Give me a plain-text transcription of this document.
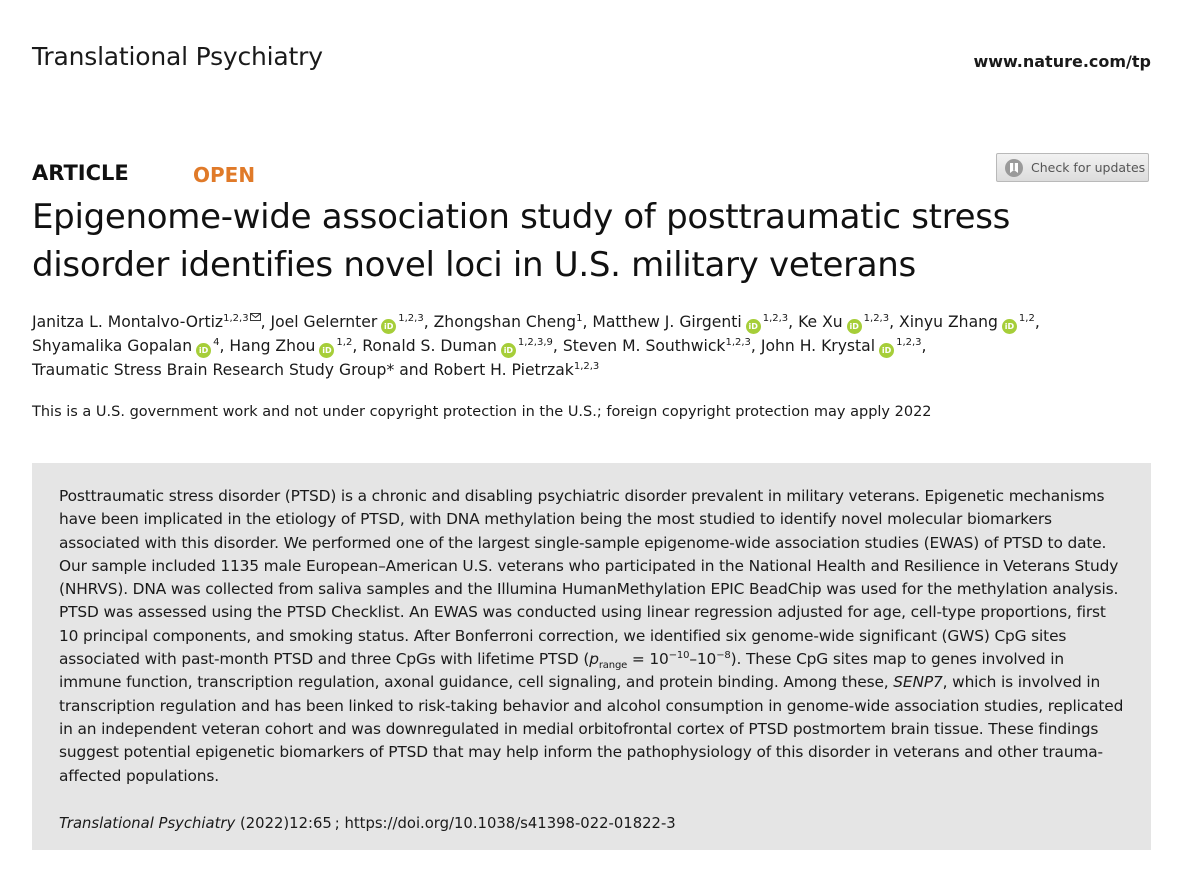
Translational Psychiatry	www.nature.com/tp
ARTICLE	OPEN	Check for updates
Epigenome-wide association study of posttraumatic stress
disorder identifies novel loci in U.S. military veterans
Janitza L. Montalvo-Ortiz$^{1,2,3}$ , Joel Gelernter iD$^{1,2,3}$, Zhongshan Cheng$^1$, Matthew J. Girgenti iD$^{1,2,3}$, Ke Xu iD$^{1,2,3}$, Xinyu Zhang iD$^{1,2}$, Shyamalika Gopalan $iD^4$, Hang Zhou iD$^{1,2}$, Ronald S. Duman iD$^{1,2,3,9}$, Steven M. Southwick$^{1,2,3}$, John H. Krystal iD$^{1,2,3}$, Traumatic Stress Brain Research Study Group* and Robert H. Pietrzak$^{1,2,3}$
This is a U.S. government work and not under copyright protection in the U.S.; foreign copyright protection may apply 2022

Posttraumatic stress disorder (PTSD) is a chronic and disabling psychiatric disorder prevalent in military veterans. Epigenetic mechanisms have been implicated in the etiology of PTSD, with DNA methylation being the most studied to identify novel molecular biomarkers associated with this disorder. We performed one of the largest single-sample epigenome-wide association studies (EWAS) of PTSD to date. Our sample included 1135 male European–American U.S. veterans who participated in the National Health and Resilience in Veterans Study (NHRVS). DNA was collected from saliva samples and the Illumina HumanMethylation EPIC BeadChip was used for the methylation analysis. PTSD was assessed using the PTSD Checklist. An EWAS was conducted using linear regression adjusted for age, cell-type proportions, first 10 principal components, and smoking status. After Bonferroni correction, we identified six genome-wide significant (GWS) CpG sites associated with past-month PTSD and three CpGs with lifetime PTSD $(p_{range} = 10^{-10}-10^{-8})$. These CpG sites map to genes involved in immune function, transcription regulation, axonal guidance, cell signaling, and protein binding. Among these, SENP7, which is involved in transcription regulation and has been linked to risk-taking behavior and alcohol consumption in genome-wide association studies, replicated in an independent veteran cohort and was downregulated in medial orbitofrontal cortex of PTSD postmortem brain tissue. These findings suggest potential epigenetic biomarkers of PTSD that may help inform the pathophysiology of this disorder in veterans and other trauma-affected populations.

Translational Psychiatry (2022)12:65 ; https://doi.org/10.1038/s41398-022-01822-3
